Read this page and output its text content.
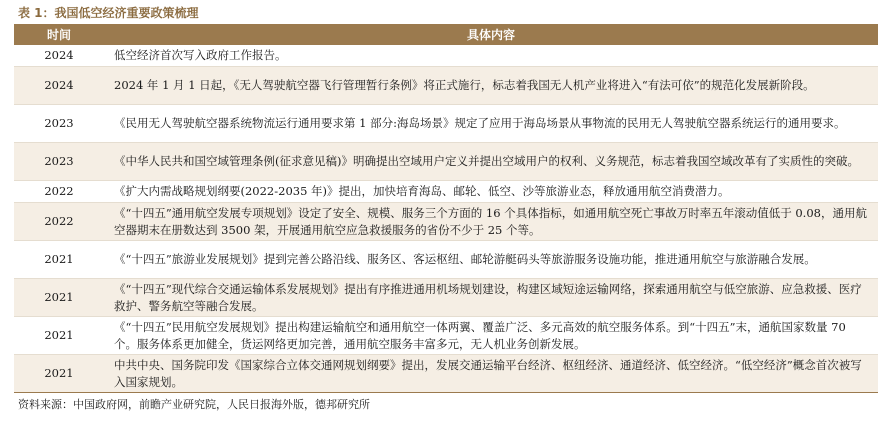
表 1：我国低空经济重要政策梳理
时间	具体内容
2024	低空经济首次写入政府工作报告。
2024	2024 年 1 月 1 日起，《无人驾驶航空器飞行管理暂行条例》将正式施行，标志着我国无人机产业将进入“有法可依”的规范化发展新阶段。
2023	《民用无人驾驶航空器系统物流运行通用要求第 1 部分:海岛场景》规定了应用于海岛场景从事物流的民用无人驾驶航空器系统运行的通用要求。
2023	《中华人民共和国空域管理条例(征求意见稿)》明确提出空域用户定义并提出空域用户的权利、义务规范，标志着我国空域改革有了实质性的突破。
2022	《扩大内需战略规划纲要(2022-2035 年)》提出，加快培育海岛、邮轮、低空、沙等旅游业态，释放通用航空消费潜力。
2022	《“十四五”通用航空发展专项规划》设定了安全、规模、服务三个方面的 16 个具体指标，如通用航空死亡事故万时率五年滚动值低于 0.08，通用航空器期末在册数达到 3500 架，开展通用航空应急救援服务的省份不少于 25 个等。
2021	《“十四五”旅游业发展规划》提到完善公路沿线、服务区、客运枢纽、邮轮游艇码头等旅游服务设施功能，推进通用航空与旅游融合发展。
2021	《“十四五”现代综合交通运输体系发展规划》提出有序推进通用机场规划建设，构建区域短途运输网络，探索通用航空与低空旅游、应急救援、医疗救护、警务航空等融合发展。
2021	《“十四五”民用航空发展规划》提出构建运输航空和通用航空一体两翼、覆盖广泛、多元高效的航空服务体系。到“十四五”末，通航国家数量 70 个。服务体系更加健全，货运网络更加完善，通用航空服务丰富多元，无人机业务创新发展。
2021	中共中央、国务院印发《国家综合立体交通网规划纲要》提出，发展交通运输平台经济、枢纽经济、通道经济、低空经济。“低空经济”概念首次被写入国家规划。
资料来源：中国政府网，前瞻产业研究院，人民日报海外版，德邦研究所
